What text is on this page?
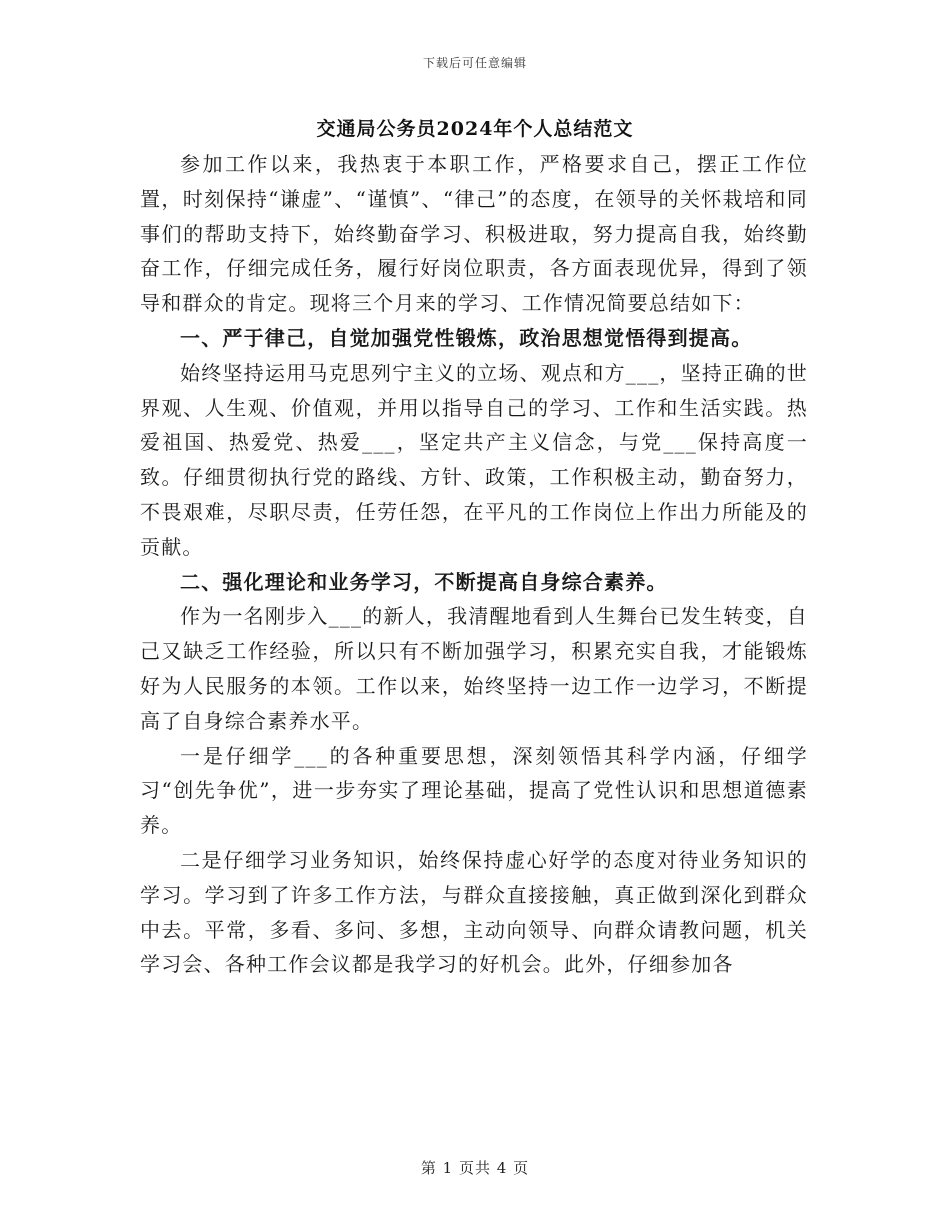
下载后可任意编辑
交通局公务员2024年个人总结范文

参加工作以来，我热衷于本职工作，严格要求自己，摆正工作位置，时刻保持“谦虚”、“谨慎”、“律己”的态度，在领导的关怀栽培和同事们的帮助支持下，始终勤奋学习、积极进取，努力提高自我，始终勤奋工作，仔细完成任务，履行好岗位职责，各方面表现优异，得到了领导和群众的肯定。现将三个月来的学习、工作情况简要总结如下：

一、严于律己，自觉加强党性锻炼，政治思想觉悟得到提高。

始终坚持运用马克思列宁主义的立场、观点和方___，坚持正确的世界观、人生观、价值观，并用以指导自己的学习、工作和生活实践。热爱祖国、热爱党、热爱___，坚定共产主义信念，与党___保持高度一致。仔细贯彻执行党的路线、方针、政策，工作积极主动，勤奋努力，不畏艰难，尽职尽责，任劳任怨，在平凡的工作岗位上作出力所能及的贡献。

二、强化理论和业务学习，不断提高自身综合素养。

作为一名刚步入___的新人，我清醒地看到人生舞台已发生转变，自己又缺乏工作经验，所以只有不断加强学习，积累充实自我，才能锻炼好为人民服务的本领。工作以来，始终坚持一边工作一边学习，不断提高了自身综合素养水平。

一是仔细学___的各种重要思想，深刻领悟其科学内涵，仔细学习“创先争优”，进一步夯实了理论基础，提高了党性认识和思想道德素养。

二是仔细学习业务知识，始终保持虚心好学的态度对待业务知识的学习。学习到了许多工作方法，与群众直接接触，真正做到深化到群众中去。平常，多看、多问、多想，主动向领导、向群众请教问题，机关学习会、各种工作会议都是我学习的好机会。此外，仔细参加各

第 1 页共 4 页
